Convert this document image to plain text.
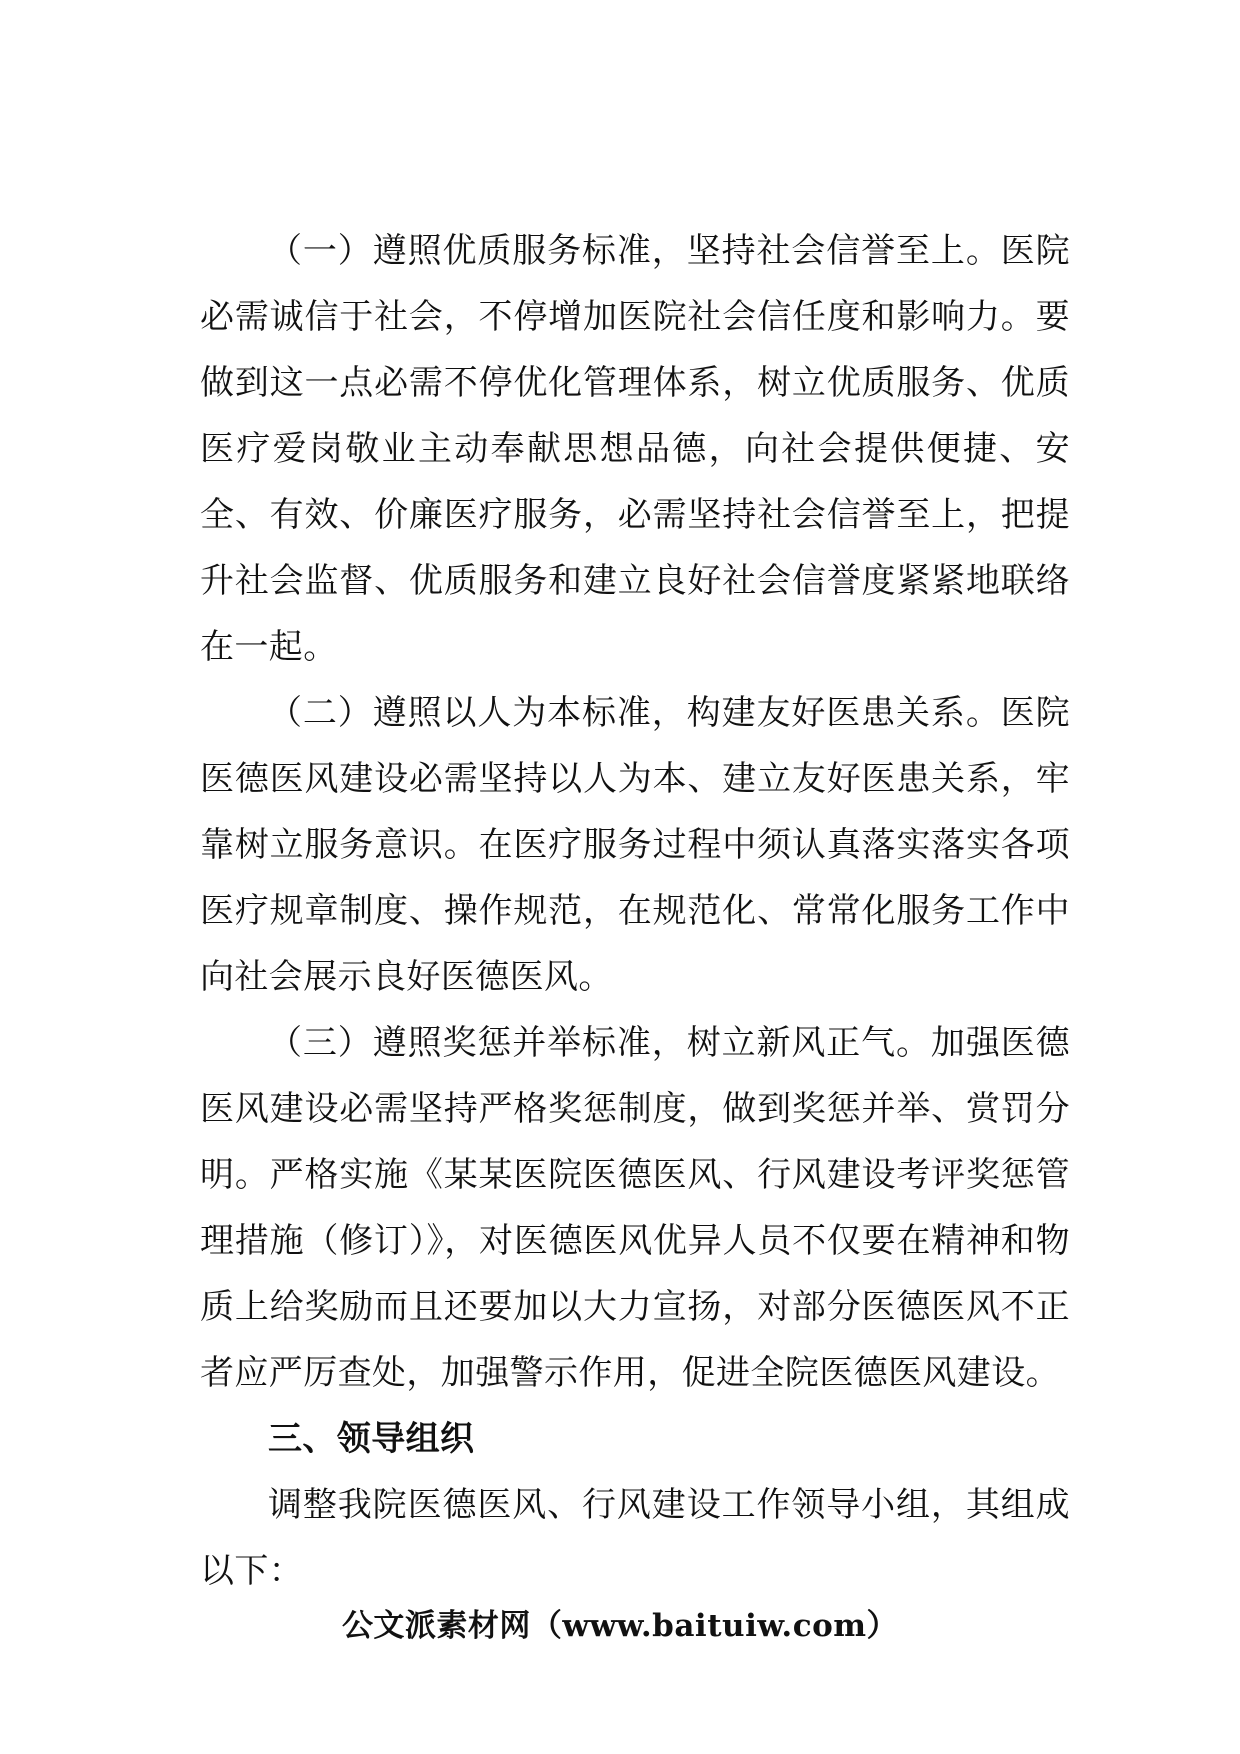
（一）遵照优质服务标准，坚持社会信誉至上。医院必需诚信于社会，不停增加医院社会信任度和影响力。要做到这一点必需不停优化管理体系，树立优质服务、优质医疗爱岗敬业主动奉献思想品德，向社会提供便捷、安全、有效、价廉医疗服务，必需坚持社会信誉至上，把提升社会监督、优质服务和建立良好社会信誉度紧紧地联络在一起。

（二）遵照以人为本标准，构建友好医患关系。医院医德医风建设必需坚持以人为本、建立友好医患关系，牢靠树立服务意识。在医疗服务过程中须认真落实落实各项医疗规章制度、操作规范，在规范化、常常化服务工作中向社会展示良好医德医风。

（三）遵照奖惩并举标准，树立新风正气。加强医德医风建设必需坚持严格奖惩制度，做到奖惩并举、赏罚分明。严格实施《某某医院医德医风、行风建设考评奖惩管理措施（修订）》，对医德医风优异人员不仅要在精神和物质上给奖励而且还要加以大力宣扬，对部分医德医风不正者应严厉查处，加强警示作用，促进全院医德医风建设。

三、领导组织

调整我院医德医风、行风建设工作领导小组，其组成以下：

公文派素材网（www.baituiw.com）
